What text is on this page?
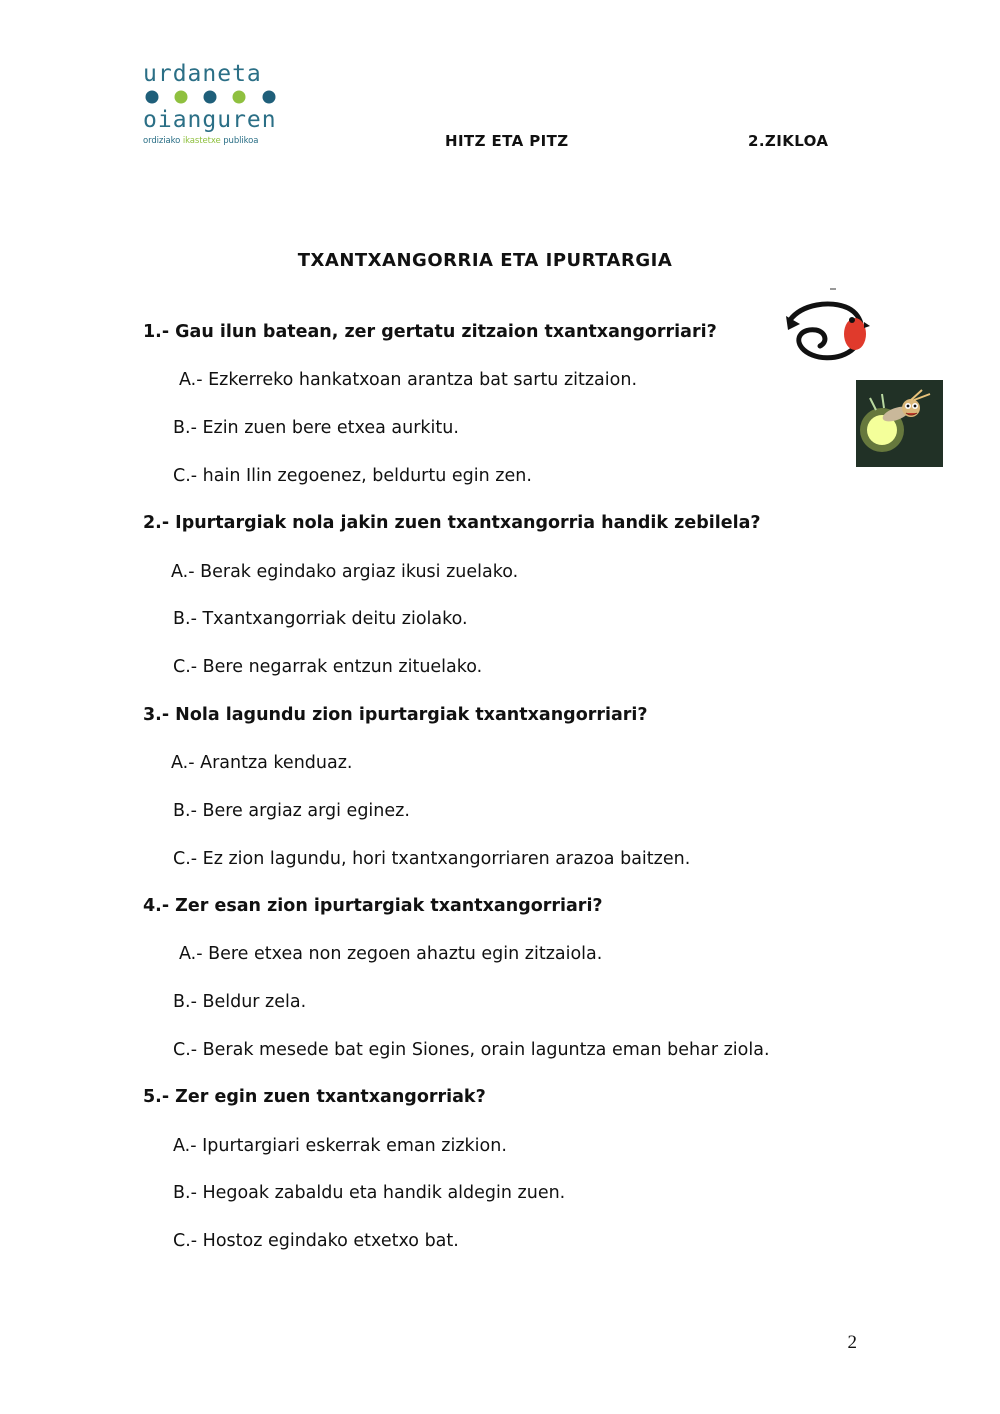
urdaneta
oianguren
ordiziako ikastetxe publikoa	HITZ ETA PITZ	2.ZIKLOA
TXANTXANGORRIA ETA IPURTARGIA
1.- Gau ilun batean, zer gertatu zitzaion txantxangorriari?
A.- Ezkerreko hankatxoan arantza bat sartu zitzaion.
B.- Ezin zuen bere etxea aurkitu.
C.- hain Ilin zegoenez, beldurtu egin zen.
2.- Ipurtargiak nola jakin zuen txantxangorria handik zebilela?
A.- Berak egindako argiaz ikusi zuelako.
B.- Txantxangorriak deitu ziolako.
C.- Bere negarrak entzun zituelako.
3.- Nola lagundu zion ipurtargiak txantxangorriari?
A.- Arantza kenduaz.
B.- Bere argiaz argi eginez.
C.- Ez zion lagundu, hori txantxangorriaren arazoa baitzen.
4.- Zer esan zion ipurtargiak txantxangorriari?
A.- Bere etxea non zegoen ahaztu egin zitzaiola.
B.- Beldur zela.
C.- Berak mesede bat egin Siones, orain laguntza eman behar ziola.
5.- Zer egin zuen txantxangorriak?
A.- Ipurtargiari eskerrak eman zizkion.
B.- Hegoak zabaldu eta handik aldegin zuen.
C.- Hostoz egindako etxetxo bat.
2
